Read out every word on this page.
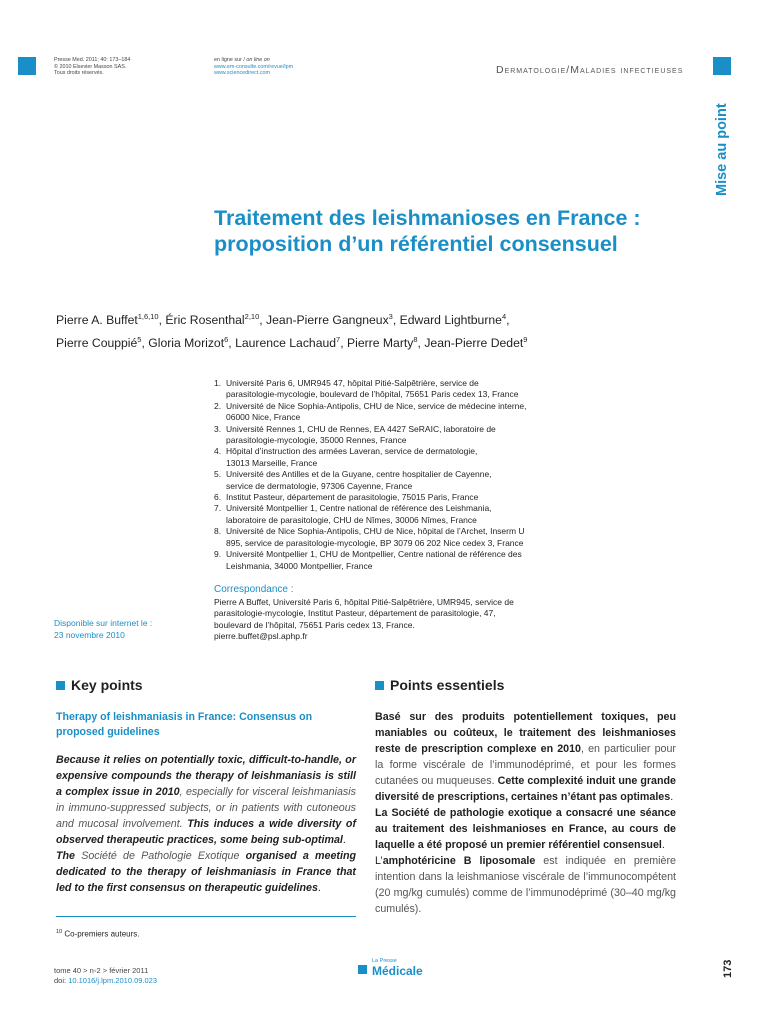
Presse Med. 2011; 40: 173–184
© 2010 Elsevier Masson SAS.
Tous droits réservés.
en ligne sur / on line on
www.em-consulte.com/revue/lpm
www.sciencedirect.com	Dermatologie/Maladies infectieuses
Mise au point
Traitement des leishmanioses en France :
proposition d’un référentiel consensuel
Pierre A. Buffet$^{1,6,10}$, Éric Rosenthal$^{2,10}$, Jean-Pierre Gangneux$^3$, Edward Lightburne$^4$,
Pierre Couppié$^5$, Gloria Morizot$^6$, Laurence Lachaud$^7$, Pierre Marty$^8$, Jean-Pierre Dedet$^9$
1. Université Paris 6, UMR945 47, hôpital Pitié-Salpêtrière, service de
parasitologie-mycologie, boulevard de l’hôpital, 75651 Paris cedex 13, France
2. Université de Nice Sophia-Antipolis, CHU de Nice, service de médecine interne,
06000 Nice, France
3. Université Rennes 1, CHU de Rennes, EA 4427 SeRAIC, laboratoire de
parasitologie-mycologie, 35000 Rennes, France
4. Hôpital d’instruction des armées Laveran, service de dermatologie,
13013 Marseille, France
5. Université des Antilles et de la Guyane, centre hospitalier de Cayenne,
service de dermatologie, 97306 Cayenne, France
6. Institut Pasteur, département de parasitologie, 75015 Paris, France
7. Université Montpellier 1, Centre national de référence des Leishmania,
laboratoire de parasitologie, CHU de Nîmes, 30006 Nîmes, France
8. Université de Nice Sophia-Antipolis, CHU de Nice, hôpital de l’Archet, Inserm U
895, service de parasitologie-mycologie, BP 3079 06 202 Nice cedex 3, France
9. Université Montpellier 1, CHU de Montpellier, Centre national de référence des
Leishmania, 34000 Montpellier, France
Correspondance :
Pierre A Buffet, Université Paris 6, hôpital Pitié-Salpêtrière, UMR945, service de
parasitologie-mycologie, Institut Pasteur, département de parasitologie, 47,
boulevard de l’hôpital, 75651 Paris cedex 13, France.
pierre.buffet@psl.aphp.fr
Disponible sur internet le :
23 novembre 2010
Key points
Therapy of leishmaniasis in France: Consensus on proposed guidelines

Because it relies on potentially toxic, difficult-to-handle, or expensive compounds the therapy of leishmaniasis is still a complex issue in 2010, especially for visceral leishmaniasis in immuno-suppressed subjects, or in patients with cutoneous and mucosal involvement. This induces a wide diversity of observed therapeutic practices, some being sub-optimal.

The Société de Pathologie Exotique organised a meeting dedicated to the therapy of leishmaniasis in France that led to the first consensus on therapeutic guidelines.

$^{10}$ Co-premiers auteurs.
Points essentiels

Basé sur des produits potentiellement toxiques, peu maniables ou coûteux, le traitement des leishmanioses reste de prescription complexe en 2010, en particulier pour la forme viscérale de l’immunodéprimé, et pour les formes cutanées ou muqueuses. Cette complexité induit une grande diversité de prescriptions, certaines n’étant pas optimales.

La Société de pathologie exotique a consacré une séance au traitement des leishmanioses en France, au cours de laquelle a été proposé un premier référentiel consensuel.

L’amphotéricine B liposomale est indiquée en première intention dans la leishmaniose viscérale de l’immunocompétent (20 mg/kg cumulés) comme de l’immunodéprimé (30–40 mg/kg cumulés).

tome 40 > n◦2 > février 2011
doi: 10.1016/j.lpm.2010.09.023
La Presse
Médicale	173
